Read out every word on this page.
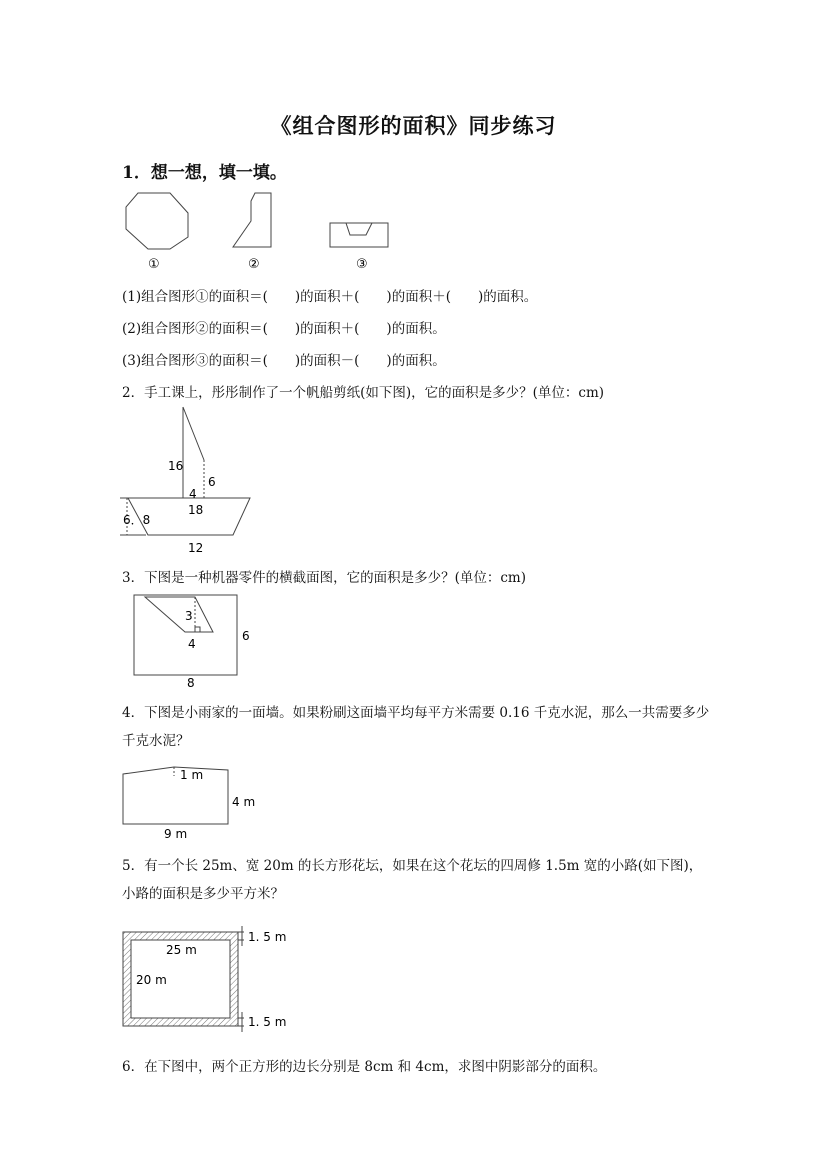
《组合图形的面积》同步练习
1．想一想，填一填。
①	②	③
(1)组合图形①的面积＝(　　)的面积＋(　　)的面积＋(　　)的面积。
(2)组合图形②的面积＝(　　)的面积＋(　　)的面积。
(3)组合图形③的面积＝(　　)的面积－(　　)的面积。
2．手工课上，彤彤制作了一个帆船剪纸(如下图)，它的面积是多少？(单位：cm)
16
6
4
18
6．8
12
3．下图是一种机器零件的横截面图，它的面积是多少？(单位：cm)
3
4
6
8
4．下图是小雨家的一面墙。如果粉刷这面墙平均每平方米需要 0.16 千克水泥，那么一共需要多少千克水泥？
1 m
4 m
9 m
5．有一个长 25m、宽 20m 的长方形花坛，如果在这个花坛的四周修 1.5m 宽的小路(如下图)，小路的面积是多少平方米？
1. 5 m
25 m
20 m
1. 5 m
6．在下图中，两个正方形的边长分别是 8cm 和 4cm，求图中阴影部分的面积。
